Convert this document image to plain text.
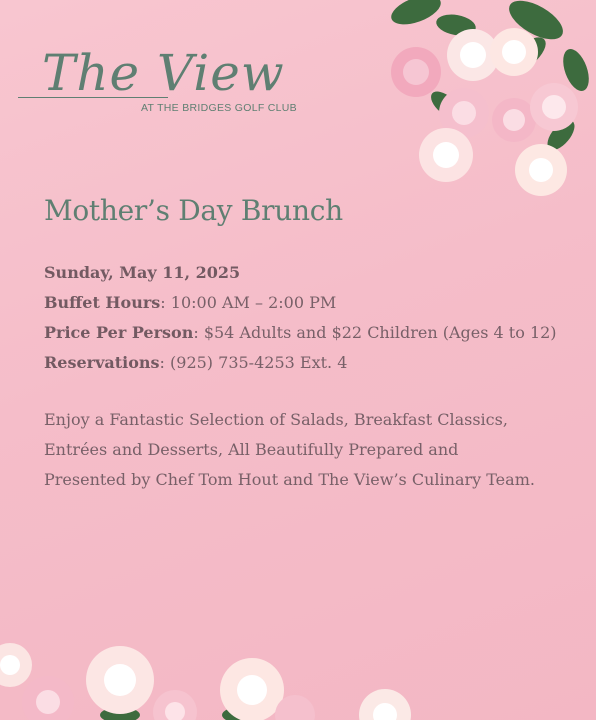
The View
AT THE BRIDGES GOLF CLUB
Mother’s Day Brunch
Sunday, May 11, 2025
Buffet Hours: 10:00 AM – 2:00 PM
Price Per Person: $54 Adults and $22 Children (Ages 4 to 12)
Reservations: (925) 735-4253 Ext. 4
Enjoy a Fantastic Selection of Salads, Breakfast Classics,
Entrées and Desserts, All Beautifully Prepared and
Presented by Chef Tom Hout and The View’s Culinary Team.
